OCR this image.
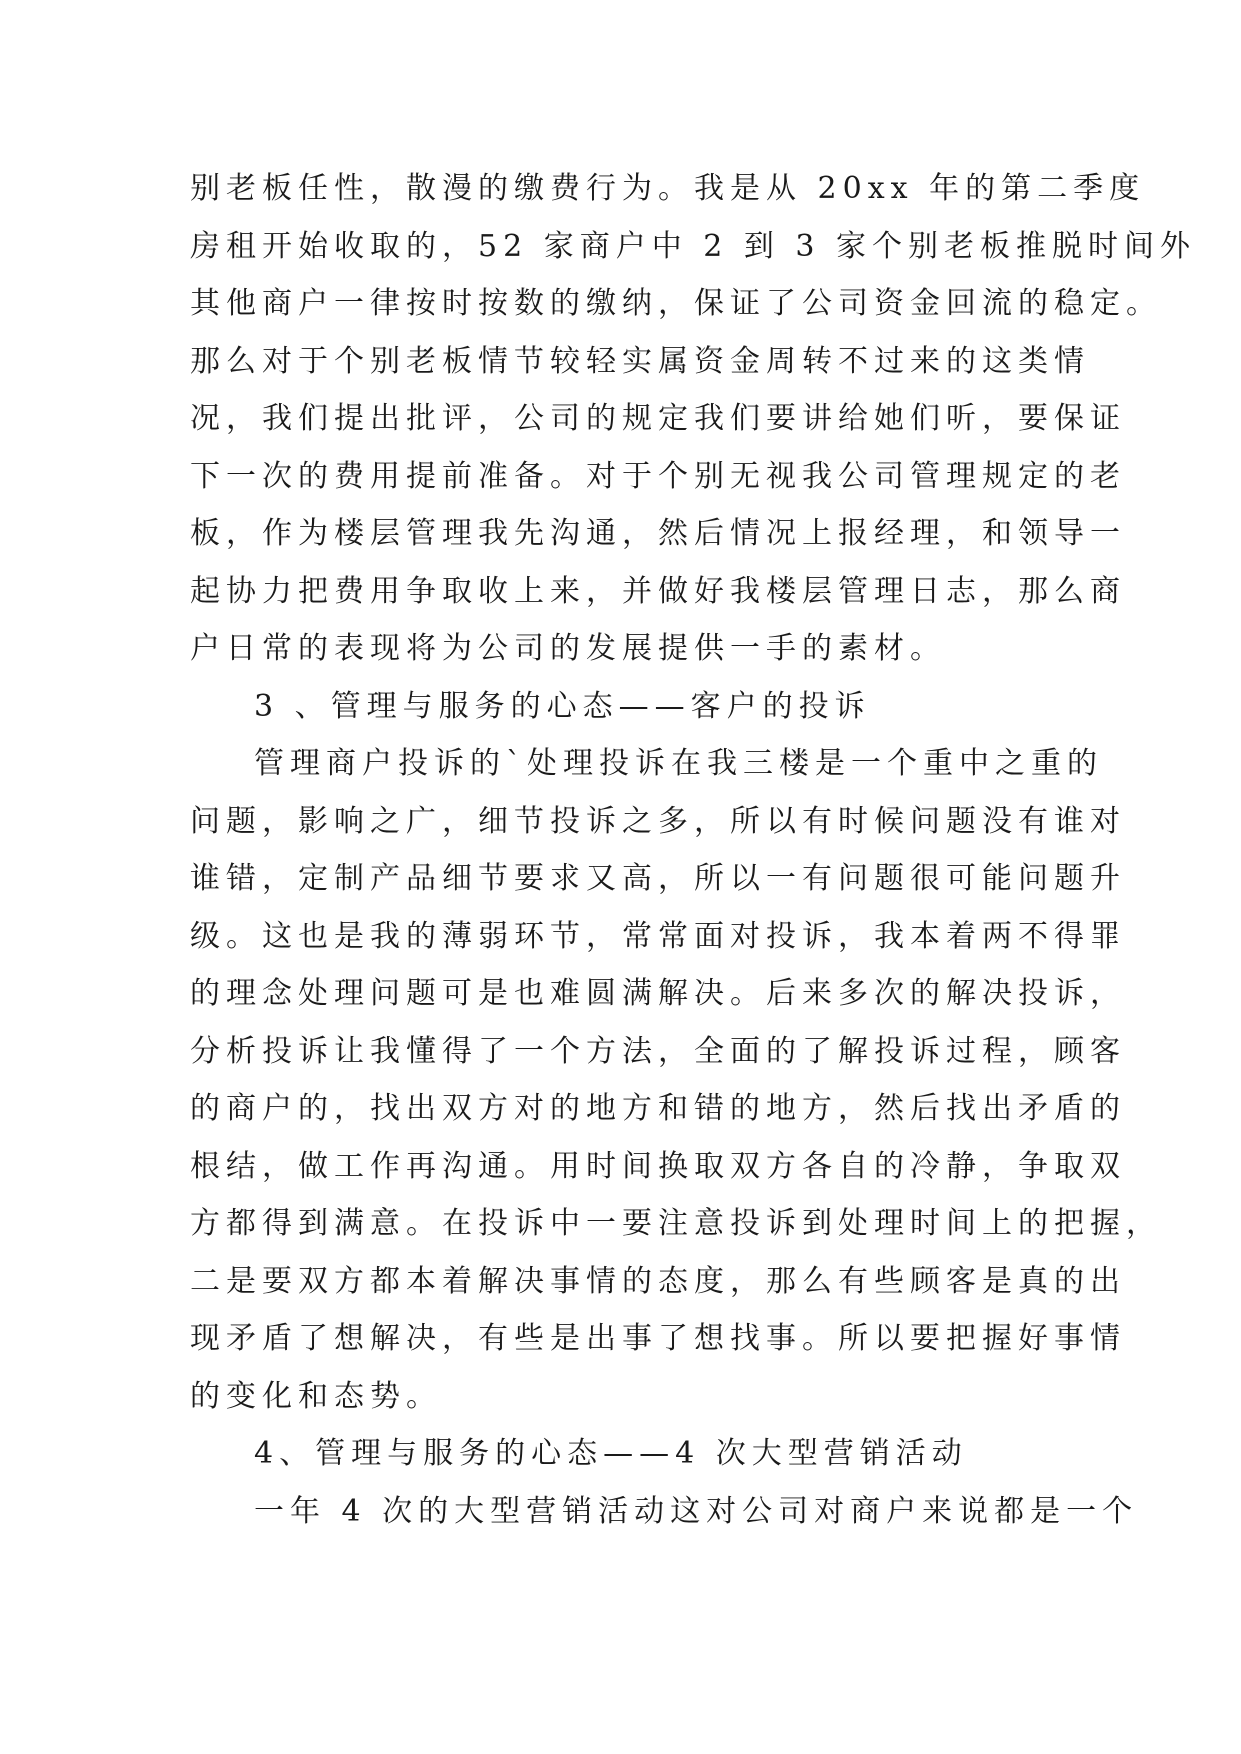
别老板任性，散漫的缴费行为。我是从 20xx 年的第二季度
房租开始收取的，52 家商户中 2 到 3 家个别老板推脱时间外
其他商户一律按时按数的缴纳，保证了公司资金回流的稳定。
那么对于个别老板情节较轻实属资金周转不过来的这类情
况，我们提出批评，公司的规定我们要讲给她们听，要保证
下一次的费用提前准备。对于个别无视我公司管理规定的老
板，作为楼层管理我先沟通，然后情况上报经理，和领导一
起协力把费用争取收上来，并做好我楼层管理日志，那么商
户日常的表现将为公司的发展提供一手的素材。
3 、管理与服务的心态——客户的投诉
管理商户投诉的`处理投诉在我三楼是一个重中之重的
问题，影响之广，细节投诉之多，所以有时候问题没有谁对
谁错，定制产品细节要求又高，所以一有问题很可能问题升
级。这也是我的薄弱环节，常常面对投诉，我本着两不得罪
的理念处理问题可是也难圆满解决。后来多次的解决投诉，
分析投诉让我懂得了一个方法，全面的了解投诉过程，顾客
的商户的，找出双方对的地方和错的地方，然后找出矛盾的
根结，做工作再沟通。用时间换取双方各自的冷静，争取双
方都得到满意。在投诉中一要注意投诉到处理时间上的把握，
二是要双方都本着解决事情的态度，那么有些顾客是真的出
现矛盾了想解决，有些是出事了想找事。所以要把握好事情
的变化和态势。
4、管理与服务的心态——4 次大型营销活动
一年 4 次的大型营销活动这对公司对商户来说都是一个
